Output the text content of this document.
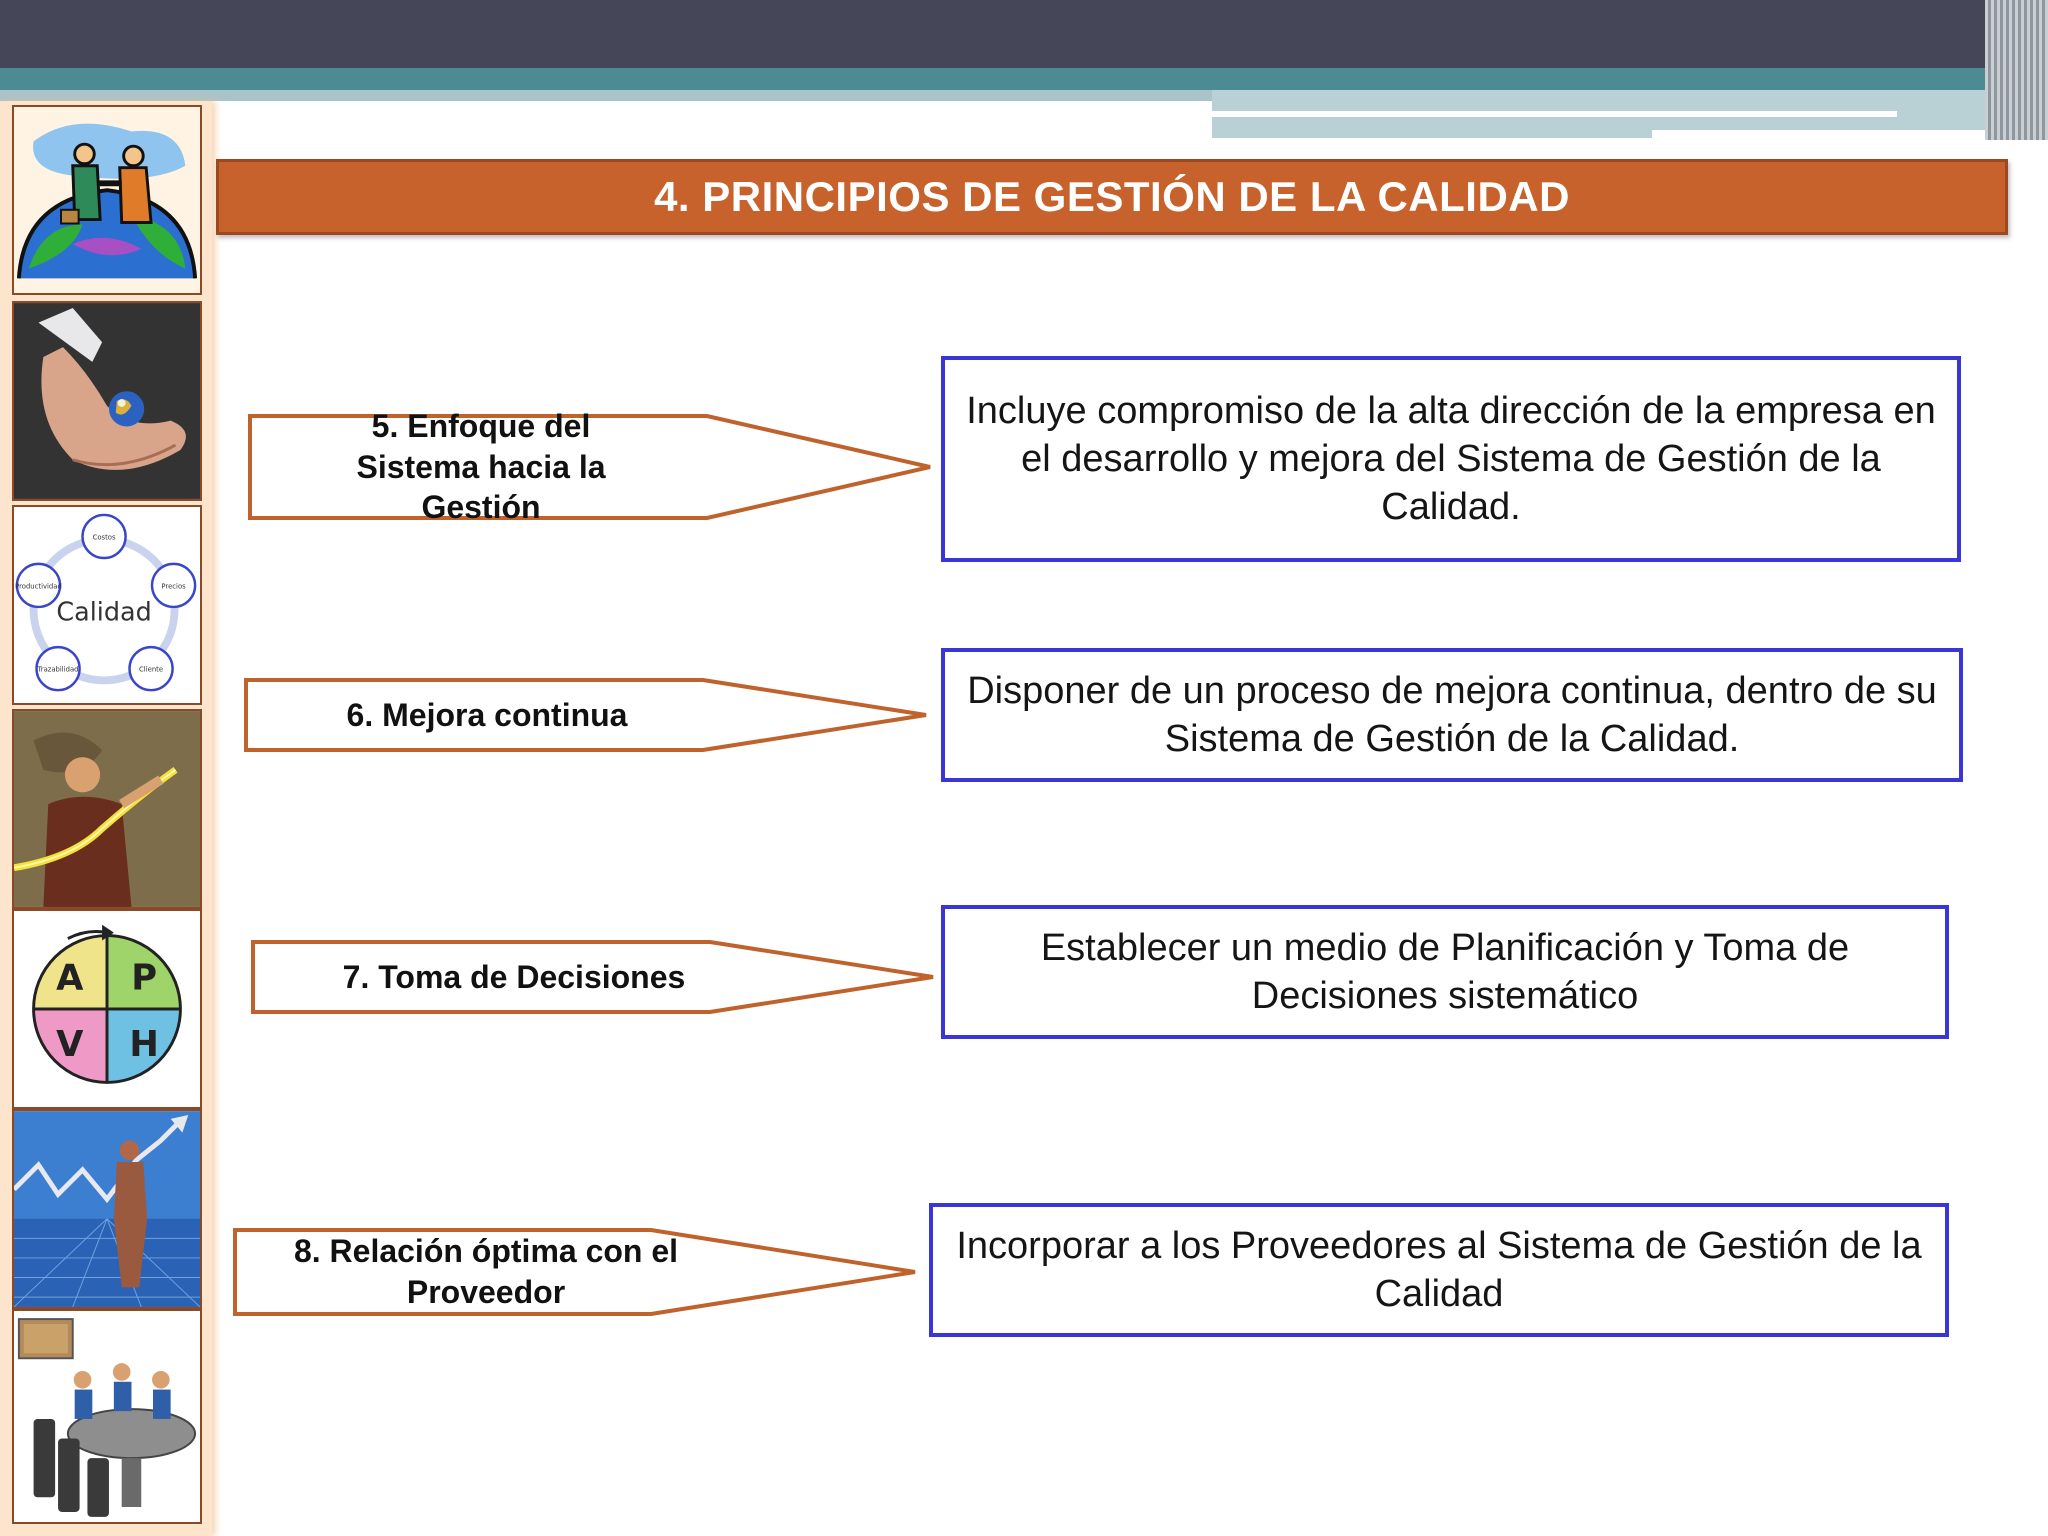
Costos
Precios
Cliente
Trazabilidad
Productividad
Calidad
A P
V H
4. PRINCIPIOS DE GESTIÓN DE LA CALIDAD
5. Enfoque del Sistema hacia la Gestión
Incluye compromiso de la alta dirección de la empresa en el desarrollo y mejora del Sistema de Gestión de la Calidad.
6. Mejora continua
Disponer de un proceso de mejora continua, dentro de su Sistema de Gestión de la Calidad.
7. Toma de Decisiones
Establecer un medio de Planificación y Toma de Decisiones sistemático
8. Relación óptima con el Proveedor
Incorporar a los Proveedores al Sistema de Gestión de la Calidad
